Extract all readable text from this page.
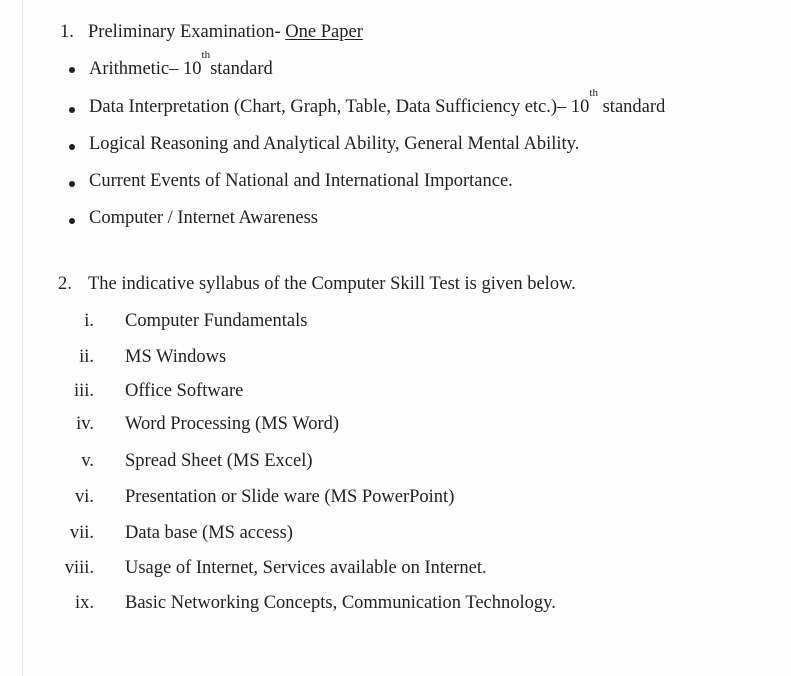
1. Preliminary Examination- One Paper
Arithmetic– 10thstandard
Data Interpretation (Chart, Graph, Table, Data Sufficiency etc.)– 10th standard
Logical Reasoning and Analytical Ability, General Mental Ability.
Current Events of National and International Importance.
Computer / Internet Awareness
2. The indicative syllabus of the Computer Skill Test is given below.
i. Computer Fundamentals
ii. MS Windows
iii. Office Software
iv. Word Processing (MS Word)
v. Spread Sheet (MS Excel)
vi. Presentation or Slide ware (MS PowerPoint)
vii. Data base (MS access)
viii. Usage of Internet, Services available on Internet.
ix. Basic Networking Concepts, Communication Technology.
